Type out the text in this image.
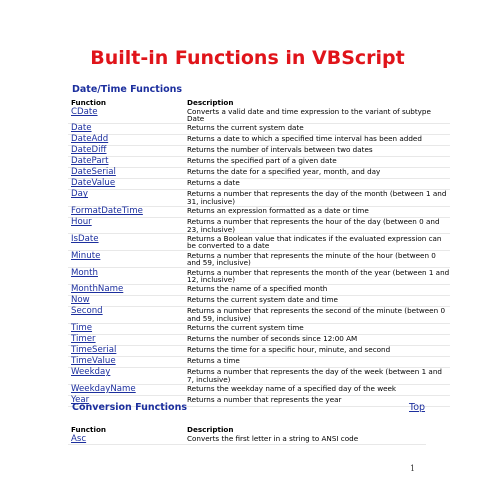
Built-in Functions in VBScript
Date/Time Functions
Function	Description
CDate	Converts a valid date and time expression to the variant of subtype Date
Date	Returns the current system date
DateAdd	Returns a date to which a specified time interval has been added
DateDiff	Returns the number of intervals between two dates
DatePart	Returns the specified part of a given date
DateSerial	Returns the date for a specified year, month, and day
DateValue	Returns a date
Day	Returns a number that represents the day of the month (between 1 and 31, inclusive)
FormatDateTime	Returns an expression formatted as a date or time
Hour	Returns a number that represents the hour of the day (between 0 and 23, inclusive)
IsDate	Returns a Boolean value that indicates if the evaluated expression can be converted to a date
Minute	Returns a number that represents the minute of the hour (between 0 and 59, inclusive)
Month	Returns a number that represents the month of the year (between 1 and 12, inclusive)
MonthName	Returns the name of a specified month
Now	Returns the current system date and time
Second	Returns a number that represents the second of the minute (between 0 and 59, inclusive)
Time	Returns the current system time
Timer	Returns the number of seconds since 12:00 AM
TimeSerial	Returns the time for a specific hour, minute, and second
TimeValue	Returns a time
Weekday	Returns a number that represents the day of the week (between 1 and 7, inclusive)
WeekdayName	Returns the weekday name of a specified day of the week
Year	Returns a number that represents the year
Conversion Functions	Top
Function	Description
Asc	Converts the first letter in a string to ANSI code
1
